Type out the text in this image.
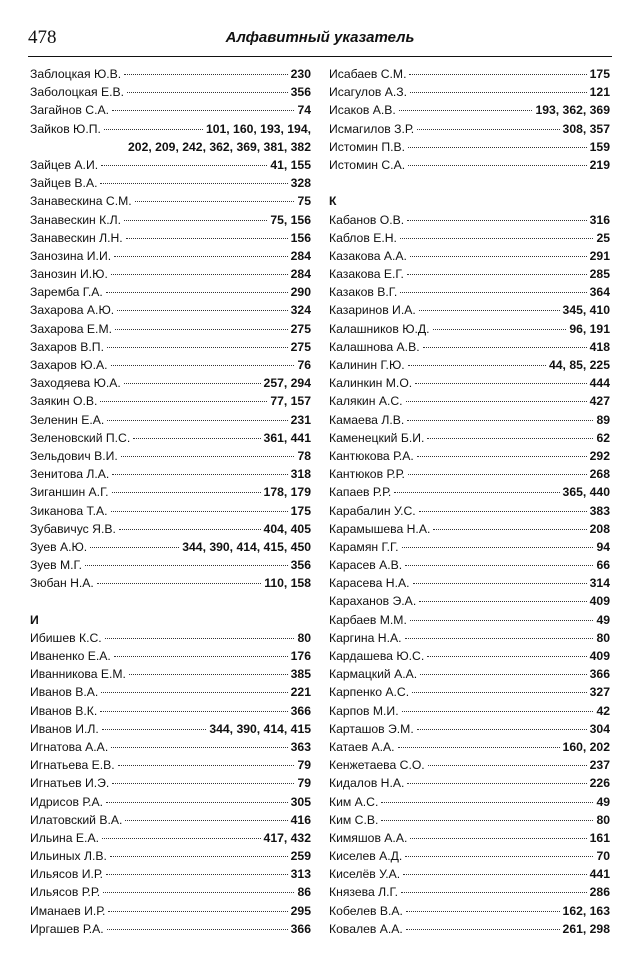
478	Алфавитный указатель
Заблоцкая Ю.В.	230
Заболоцкая Е.В.	356
Загайнов С.А.	74
Зайков Ю.П.	101, 160, 193, 194,
202, 209, 242, 362, 369, 381, 382
Зайцев А.И.	41, 155
Зайцев В.А.	328
Занавескина С.М.	75
Занавескин К.Л.	75, 156
Занавескин Л.Н.	156
Занозина И.И.	284
Занозин И.Ю.	284
Заремба Г.А.	290
Захарова А.Ю.	324
Захарова Е.М.	275
Захаров В.П.	275
Захаров Ю.А.	76
Заходяева Ю.А.	257, 294
Заякин О.В.	77, 157
Зеленин Е.А.	231
Зеленовский П.С.	361, 441
Зельдович В.И.	78
Зенитова Л.А.	318
Зиганшин А.Г.	178, 179
Зиканова Т.А.	175
Зубавичус Я.В.	404, 405
Зуев А.Ю.	344, 390, 414, 415, 450
Зуев М.Г.	356
Зюбан Н.А.	110, 158
И
Ибишев К.С.	80
Иваненко Е.А.	176
Иванникова Е.М.	385
Иванов В.А.	221
Иванов В.К.	366
Иванов И.Л.	344, 390, 414, 415
Игнатова А.А.	363
Игнатьева Е.В.	79
Игнатьев И.Э.	79
Идрисов Р.А.	305
Илатовский В.А.	416
Ильина Е.А.	417, 432
Ильиных Л.В.	259
Ильясов И.Р.	313
Ильясов Р.Р.	86
Иманаев И.Р.	295
Иргашев Р.А.	366
Исабаев С.М.	175
Исагулов А.З.	121
Исаков А.В.	193, 362, 369
Исмагилов З.Р.	308, 357
Истомин П.В.	159
Истомин С.А.	219
К
Кабанов О.В.	316
Каблов Е.Н.	25
Казакова А.А.	291
Казакова Е.Г.	285
Казаков В.Г.	364
Казаринов И.А.	345, 410
Калашников Ю.Д.	96, 191
Калашнова А.В.	418
Калинин Г.Ю.	44, 85, 225
Калинкин М.О.	444
Калякин А.С.	427
Камаева Л.В.	89
Каменецкий Б.И.	62
Кантюкова Р.А.	292
Кантюков Р.Р.	268
Капаев Р.Р.	365, 440
Карабалин У.С.	383
Карамышева Н.А.	208
Карамян Г.Г.	94
Карасев А.В.	66
Карасева Н.А.	314
Караханов Э.А.	409
Карбаев М.М.	49
Каргина Н.А.	80
Кардашева Ю.С.	409
Кармацкий А.А.	366
Карпенко А.С.	327
Карпов М.И.	42
Карташов Э.М.	304
Катаев А.А.	160, 202
Кенжетаева С.О.	237
Кидалов Н.А.	226
Ким А.С.	49
Ким С.В.	80
Кимяшов А.А.	161
Киселев А.Д.	70
Киселёв У.А.	441
Князева Л.Г.	286
Кобелев В.А.	162, 163
Ковалев А.А.	261, 298
